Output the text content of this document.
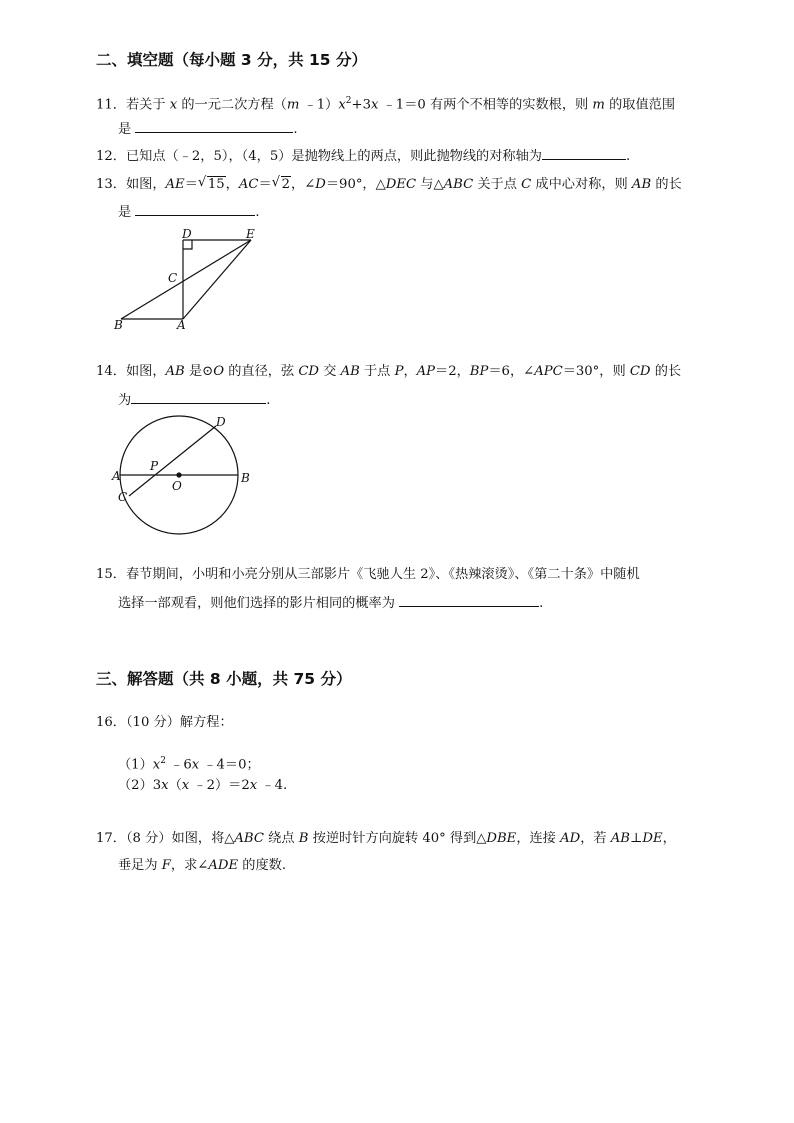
二、填空题（每小题 3 分，共 15 分）
11．若关于 x 的一元二次方程（m $﹣1)x^2+3x$ ﹣1＝0 有两个不相等的实数根，则 m 的取值范围
是	.
12．已知点（﹣2，5），（4，5）是抛物线上的两点，则此抛物线的对称轴为	.
13．如图，AE＝ √ 15，AC＝ √ 2，∠D＝90°，△DEC 与△ABC 关于点 C 成中心对称，则 AB 的长
是	.
D	E
C
B	A
14．如图，AB 是⊙O 的直径，弦 CD 交 AB 于点 P，AP＝2，BP＝6，∠APC＝30°，则 CD 的长
为	.
D
A
P
O
B
C
15．春节期间，小明和小亮分别从三部影片《飞驰人生 2》、《热辣滚烫》、《第二十条》中随机
选择一部观看，则他们选择的影片相同的概率为	.
三、解答题（共 8 小题，共 75 分）
16．（10 分）解方程：
$(1)x^2$ ﹣6x ﹣4＝0；
（2）3x（x ﹣2）＝2x ﹣4.
17．（8 分）如图，将△ABC 绕点 B 按逆时针方向旋转 40° 得到△DBE，连接 AD，若 AB⊥DE，
垂足为 F，求∠ADE 的度数.
